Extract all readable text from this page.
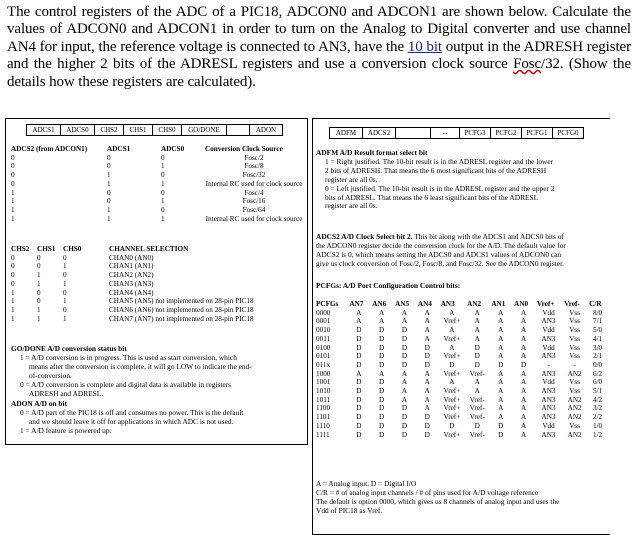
The control registers of the ADC of a PIC18, ADCON0 and ADCON1 are shown below. Calculate the values of ADCON0 and ADCON1 in order to turn on the Analog to Digital converter and use channel AN4 for input, the reference voltage is connected to AN3, have the 10 bit output in the ADRESH register and the higher 2 bits of the ADRESL registers and use a conversion clock source Fosc/32. (Show the details how these registers are calculated).
ADCS1	ADCS0	CHS2	CHS1	CHS0	GO/DONE	ADON
ADCS2 (from ADCON1)	ADCS1	ADCS0	Conversion Clock Source
0	0	0	Fosc/2
0	0	1	Fosc/8
0	1	0	Fosc/32
0	1	1	Internal RC used for clock source
1	0	0	Fosc/4
1	0	1	Fosc/16
1	1	0	Fosc/64
1	1	1	Internal RC used for clock source
CHS2	CHS1	CHS0	CHANNEL SELECTION
0	0	0	CHAN0 (AN0)
0	0	1	CHAN1 (AN1)
0	1	0	CHAN2 (AN2)
0	1	1	CHAN3 (AN3)
1	0	0	CHAN4 (AN4)
1	0	1	CHAN5 (AN5) not implemented on 28-pin PIC18
1	1	0	CHAN6 (AN6) not implemented on 28-pin PIC18
1	1	1	CHAN7 (AN7) not implemented on 28-pin PIC18
GO/DONE A/D conversion status bit
1 = A/D conversion is in progress. This is used as start conversion, which
means after the conversion is complete, it will go LOW to indicate the end-
of-conversion.
0 = A/D conversion is complete and digital data is available in registers
ADRESH and ADRESL.
ADON A/D on bit
0 = A/D part of the PIC18 is off and consumes no power. This is the default
and we should leave it off for applications in which ADC is not used.
1 = A/D feature is powered up.
ADFM	ADCS2	--	PCFG3	PCFG2	PCFG1	PCFG0
ADFM A/D Result format select bit
1 = Right justified. The 10-bit result is in the ADRESL register and the lower
2 bits of ADRESH. That means the 6 most significant bits of the ADRESH
register are all 0s.
0 = Left justified. The 10-bit result is in the ADRESL register and the upper 2
bits of ADRESL. That means the 6 least significant bits of the ADRESL
register are all 0s.
ADCS2 A/D Clock Select bit 2. This bit along with the ADCS1 and ADCS0 bits of
the ADCON0 register decide the conversion clock for the A/D. The default value for
ADCS2 is 0, which means setting the ADCS0 and ADCS1 values of ADCON0 can
give us clock conversion of Fosc/2, Fosc/8, and Fosc/32. See the ADCON0 register.
PCFGs: A/D Port Configuration Control bits:
PCFGs	AN7	AN6	AN5	AN4	AN3	AN2	AN1	AN0	Vref+	Vref-	C/R
0000	A	A	A	A	A	A	A	A	Vdd	Vss	8/0
0001	A	A	A	A	Vref+	A	A	A	AN3	Vss	7/1
0010	D	D	D	A	A	A	A	A	Vdd	Vss	5/0
0011	D	D	D	A	Vref+	A	A	A	AN3	Vss	4/1
0100	D	D	D	D	A	D	A	A	Vdd	Vss	3/0
0101	D	D	D	D	Vref+	D	A	A	AN3	Vss	2/1
011x	D	D	D	D	D	D	D	D	-	-	0/0
1000	A	A	A	A	Vref+	Vref-	A	A	AN3	AN2	6/2
1001	D	D	A	A	A	A	A	A	Vdd	Vss	6/0
1010	D	D	A	A	Vref+	A	A	A	AN3	Vss	5/1
1011	D	D	A	A	Vref+	Vref-	A	A	AN3	AN2	4/2
1100	D	D	D	A	Vref+	Vref-	A	A	AN3	AN2	3/2
1101	D	D	D	D	Vref+	Vref-	A	A	AN3	AN2	2/2
1110	D	D	D	D	D	D	D	A	Vdd	Vss	1/0
1111	D	D	D	D	Vref+	Vref-	D	A	AN3	AN2	1/2
A = Analog input, D = Digital I/O
C/R = # of analog input channels / # of pins used for A/D voltage reference
The default is option 0000, which gives us 8 channels of analog input and uses the
Vdd of PIC18 as Vref.
